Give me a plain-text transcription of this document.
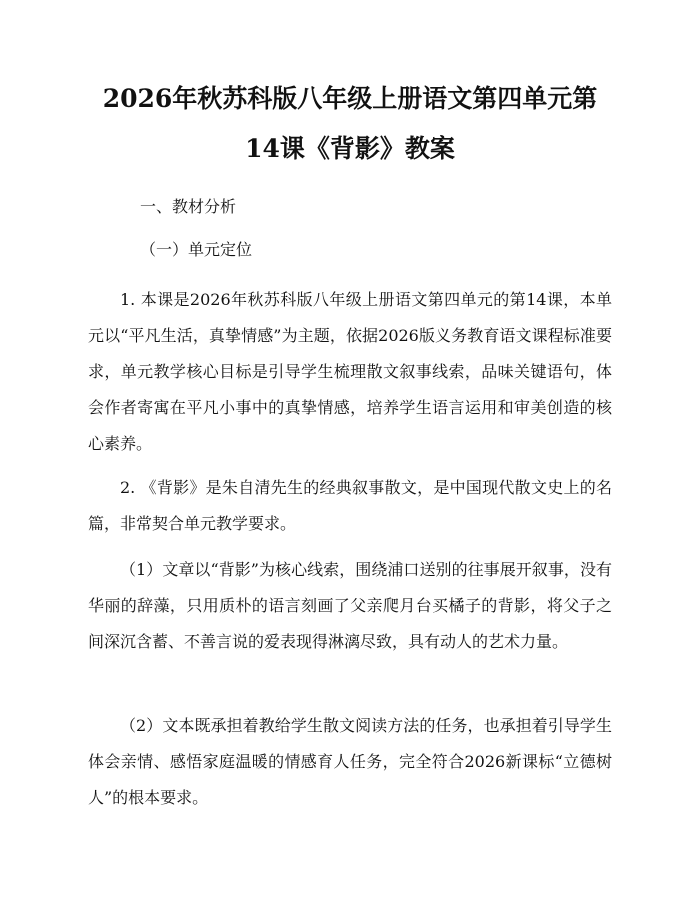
2026年秋苏科版八年级上册语文第四单元第
14课《背影》教案
一、教材分析
（一）单元定位

1. 本课是2026年秋苏科版八年级上册语文第四单元的第14课，本单元以“平凡生活，真挚情感”为主题，依据2026版义务教育语文课程标准要求，单元教学核心目标是引导学生梳理散文叙事线索，品味关键语句，体会作者寄寓在平凡小事中的真挚情感，培养学生语言运用和审美创造的核心素养。

2. 《背影》是朱自清先生的经典叙事散文，是中国现代散文史上的名篇，非常契合单元教学要求。

（1）文章以“背影”为核心线索，围绕浦口送别的往事展开叙事，没有华丽的辞藻，只用质朴的语言刻画了父亲爬月台买橘子的背影，将父子之间深沉含蓄、不善言说的爱表现得淋漓尽致，具有动人的艺术力量。

（2）文本既承担着教给学生散文阅读方法的任务，也承担着引导学生体会亲情、感悟家庭温暖的情感育人任务，完全符合2026新课标“立德树人”的根本要求。
